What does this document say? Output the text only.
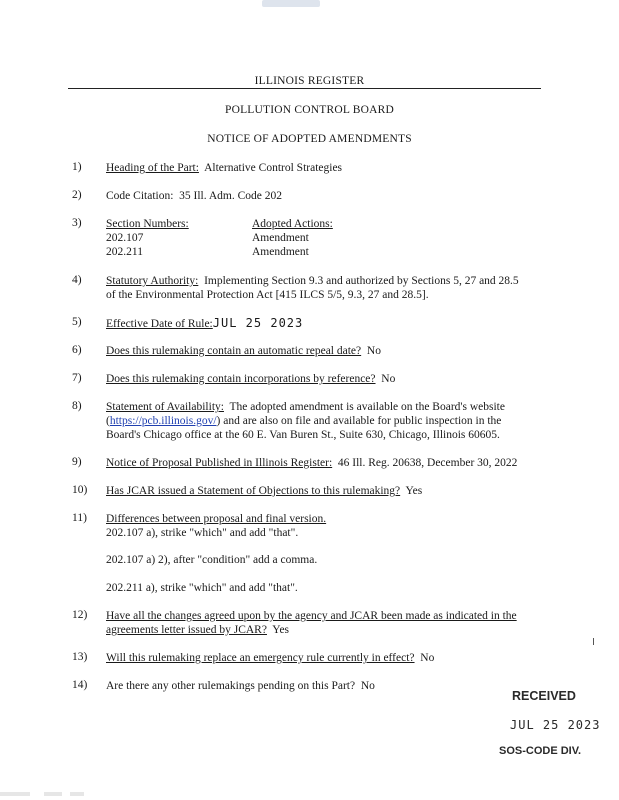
ILLINOIS REGISTER
POLLUTION CONTROL BOARD
NOTICE OF ADOPTED AMENDMENTS
1) Heading of the Part: Alternative Control Strategies
2) Code Citation: 35 Ill. Adm. Code 202
3) Section Numbers:	Adopted Actions:
202.107	Amendment
202.211	Amendment
4) Statutory Authority: Implementing Section 9.3 and authorized by Sections 5, 27 and 28.5
of the Environmental Protection Act [415 ILCS 5/5, 9.3, 27 and 28.5].
5) Effective Date of Rule:JUL 25 2023
6) Does this rulemaking contain an automatic repeal date? No
7) Does this rulemaking contain incorporations by reference? No
8) Statement of Availability: The adopted amendment is available on the Board's website
(https://pcb.illinois.gov/) and are also on file and available for public inspection in the
Board's Chicago office at the 60 E. Van Buren St., Suite 630, Chicago, Illinois 60605.
9) Notice of Proposal Published in Illinois Register: 46 Ill. Reg. 20638, December 30, 2022
10) Has JCAR issued a Statement of Objections to this rulemaking? Yes
11) Differences between proposal and final version.
202.107 a), strike "which" and add "that".
202.107 a) 2), after "condition" add a comma.
202.211 a), strike "which" and add "that".
12) Have all the changes agreed upon by the agency and JCAR been made as indicated in the
agreements letter issued by JCAR? Yes
13) Will this rulemaking replace an emergency rule currently in effect? No
14) Are there any other rulemakings pending on this Part? No
RECEIVED
JUL 25 2023
SOS-CODE DIV.
